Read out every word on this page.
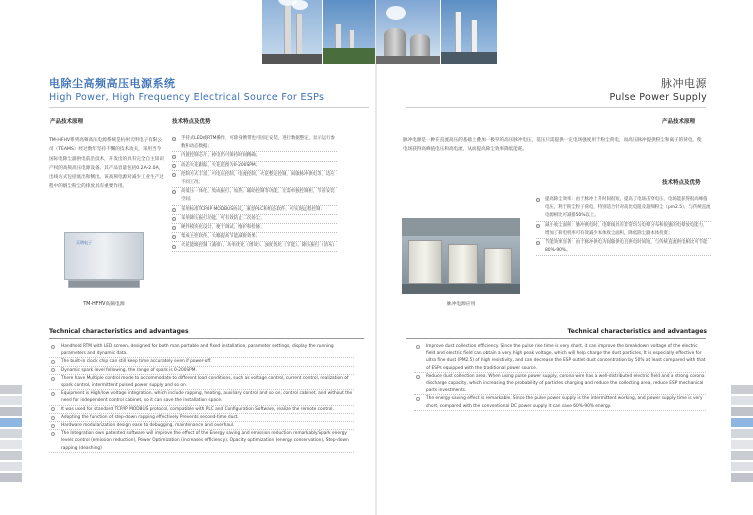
电除尘高频高压电源系统
High Power, High Frequency Electrical Source For ESPs
产品技术原理	技术特点及优势
TM-HFHV系列高频高压电源系统是杭州天明电子有限公司（TEAMS）经过数年坚持不懈的技术攻关，采用当今国际电除尘器供电前沿技术，开发出的具有完全自主知识产权的高频高压电源设备。其产品容量包括0.2A-2.0A，出线方式包括底出和侧出。该高频电源对减少工业生产过程中的烟尘粉尘的排放具有重要作用。
天明电子
TM-HFHV高频电源
手持式LED或RTM操作，可除身携带也可固定安装，进行数据整定，显示运行参数和动态数据；
内置控制芯片，掉电仍可保持时间精确；
动态火花跟踪，火花范围为0-200SPM；
控制方式丰富，可电压控制，电流控制，火花整定控制，间歇脉冲供电等，适应不同工况；
高低压一体化，集成振打、加热、辅助控制等功能，无需单独控制柜，节省安装空间；
采用标准TCP/IP MODBUS协议，兼容PLC和组态软件，可实现远程控制；
采用降压振打功能，可有效防止二次扬尘；
硬件模块化设计，便于调试、维护和检修；
集成主控软件，大幅提高节能减排效果；
火花能级控制（减排）、功率优化（增效）、浊度优化（节能）、降压振打（清灰）
Technical characteristics and advantages
Handheld RTM with LED screen, designed for both man portable and fixed installation, parameter settings, display the running parameters and dynamic data.
The built-in clock chip can still keep time accurately even if power-off.
Dynamic spark level following, the range of spark is 0-200SPM.
There have Multiple control mode to accommodate to different load conditions, such as voltage control, current control, realization of spark control, intermittent pulsed power supply and so on.
Equipment is High/low voltage integration, which include rapping, heating, auxiliary control and so on, control cabinet, and without the need for independent control cabinet, so it can save the installation space.
It was used for standard TCP/IP MODBUS protocol, compatible with PLC and Configuration Software, realize the remote control.
Adopting the function of step-down rapping effectively Prevents second-time dust.
Hardware modularization design ease to debugging, maintenance and overhaul.
The Integration own patented software will improve the effect of the Energy saving and emission reduction remarkably.Spark energy levels control (emission reduction), Power Optimization (increases efficiency), Opacity optimization (energy conservation), Step-down rapping (deashing)
脉冲电源
Pulse Power Supply
产品技术原理
脉冲电源是一种在直流高压的基础上叠加一极窄的高压脉冲电压，基压只需提供一定电场强度用于粉尘荷电，而高压脉冲提供粉尘和离子的荷电，使电场获得高峰值电压和高电流，从而提高除尘效率降低能耗。
技术特点及优势
脉冲电源应用
提高除尘效率：由于脉冲上升时间很短，提高了电场击穿电压，电场能获得很高峰值电压，利于粉尘粒子荷电，特别适合针对高比电阻及超细粉尘（pm2.5），与传统直流电源相比可减排50%以上。
减小收尘面积：脉冲供电时，电晕线具有非常均匀电晕分布和很强的电晕放电能力，增加了荷电机率可有效减少本体收尘面积，降低除尘器本体投资；
节能效果显著：由于脉冲供电为间歇供电且供电时间短，与传统直流供电相比可节能80%-90%。
Technical characteristics and advantages
Improve dust collection efficiency. Since the pulse rise time is very short, it can improve the breakdown voltage of the electric field and electric field can obtain a very high peak voltage, which will help charge the dust particles, It is especially effective for ultra fine dust (PM2.5) of high resistivity, and can decrease the ESP outlet dust concentration by 50% at least compared with that of ESPs equipped with the traditional power source.
Reduce dust collection area. When using pulse power supply, corona wire has a well-distributed electric field and a strong corona discharge capacity, which increasing the probability of particles charging and reduce the collecting area, reduce ESP mechanical parts investments.
The energy-saving effect is remarkable. Since the pulse power supply is the intermittent working, and power supply time is very short, compared with the conventional DC power supply it can save 60%-90% energy.
